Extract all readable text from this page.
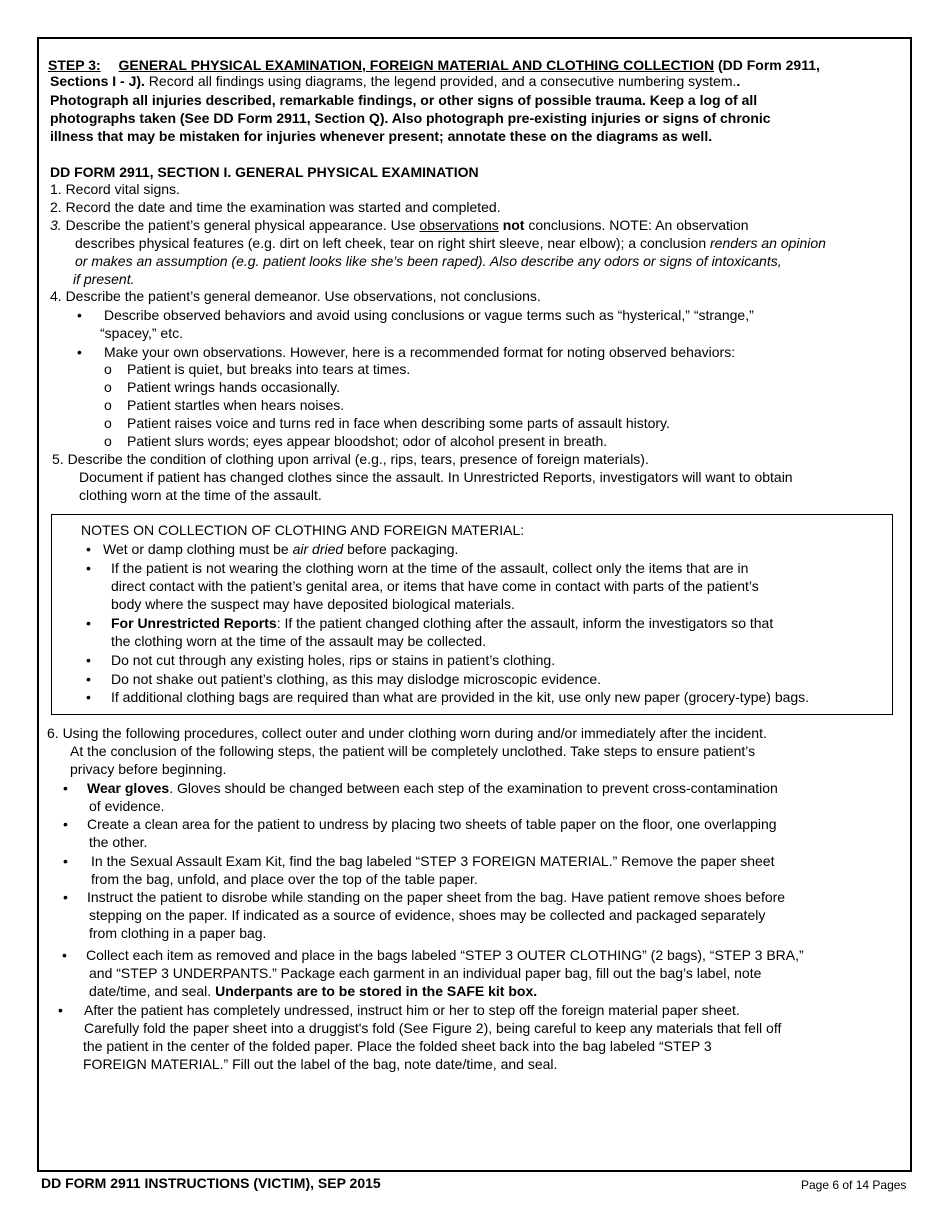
STEP 3: GENERAL PHYSICAL EXAMINATION, FOREIGN MATERIAL AND CLOTHING COLLECTION (DD Form 2911,
Sections I - J). Record all findings using diagrams, the legend provided, and a consecutive numbering system..
Photograph all injuries described, remarkable findings, or other signs of possible trauma. Keep a log of all
photographs taken (See DD Form 2911, Section Q). Also photograph pre-existing injuries or signs of chronic
illness that may be mistaken for injuries whenever present; annotate these on the diagrams as well.
DD FORM 2911, SECTION I. GENERAL PHYSICAL EXAMINATION
1. Record vital signs.
2. Record the date and time the examination was started and completed.
3. Describe the patient’s general physical appearance. Use observations not conclusions. NOTE: An observation
describes physical features (e.g. dirt on left cheek, tear on right shirt sleeve, near elbow); a conclusion renders an opinion
or makes an assumption (e.g. patient looks like she’s been raped). Also describe any odors or signs of intoxicants,
if present.
4. Describe the patient’s general demeanor. Use observations, not conclusions.
• Describe observed behaviors and avoid using conclusions or vague terms such as “hysterical,” “strange,”
“spacey,” etc.
• Make your own observations. However, here is a recommended format for noting observed behaviors:
o Patient is quiet, but breaks into tears at times.
o Patient wrings hands occasionally.
o Patient startles when hears noises.
o Patient raises voice and turns red in face when describing some parts of assault history.
o Patient slurs words; eyes appear bloodshot; odor of alcohol present in breath.
5. Describe the condition of clothing upon arrival (e.g., rips, tears, presence of foreign materials).
Document if patient has changed clothes since the assault. In Unrestricted Reports, investigators will want to obtain
clothing worn at the time of the assault.
NOTES ON COLLECTION OF CLOTHING AND FOREIGN MATERIAL:
• Wet or damp clothing must be air dried before packaging.
• If the patient is not wearing the clothing worn at the time of the assault, collect only the items that are in
direct contact with the patient’s genital area, or items that have come in contact with parts of the patient’s
body where the suspect may have deposited biological materials.
• For Unrestricted Reports: If the patient changed clothing after the assault, inform the investigators so that
the clothing worn at the time of the assault may be collected.
• Do not cut through any existing holes, rips or stains in patient’s clothing.
• Do not shake out patient’s clothing, as this may dislodge microscopic evidence.
• If additional clothing bags are required than what are provided in the kit, use only new paper (grocery-type) bags.
6. Using the following procedures, collect outer and under clothing worn during and/or immediately after the incident.
At the conclusion of the following steps, the patient will be completely unclothed. Take steps to ensure patient’s
privacy before beginning.
• Wear gloves. Gloves should be changed between each step of the examination to prevent cross-contamination
of evidence.
• Create a clean area for the patient to undress by placing two sheets of table paper on the floor, one overlapping
the other.
• In the Sexual Assault Exam Kit, find the bag labeled “STEP 3 FOREIGN MATERIAL.” Remove the paper sheet
from the bag, unfold, and place over the top of the table paper.
• Instruct the patient to disrobe while standing on the paper sheet from the bag. Have patient remove shoes before
stepping on the paper. If indicated as a source of evidence, shoes may be collected and packaged separately
from clothing in a paper bag.
• Collect each item as removed and place in the bags labeled “STEP 3 OUTER CLOTHING” (2 bags), “STEP 3 BRA,”
and “STEP 3 UNDERPANTS.” Package each garment in an individual paper bag, fill out the bag’s label, note
date/time, and seal. Underpants are to be stored in the SAFE kit box.
• After the patient has completely undressed, instruct him or her to step off the foreign material paper sheet.
Carefully fold the paper sheet into a druggist's fold (See Figure 2), being careful to keep any materials that fell off
the patient in the center of the folded paper. Place the folded sheet back into the bag labeled “STEP 3
FOREIGN MATERIAL.” Fill out the label of the bag, note date/time, and seal.
DD FORM 2911 INSTRUCTIONS (VICTIM), SEP 2015	Page 6 of 14 Pages
